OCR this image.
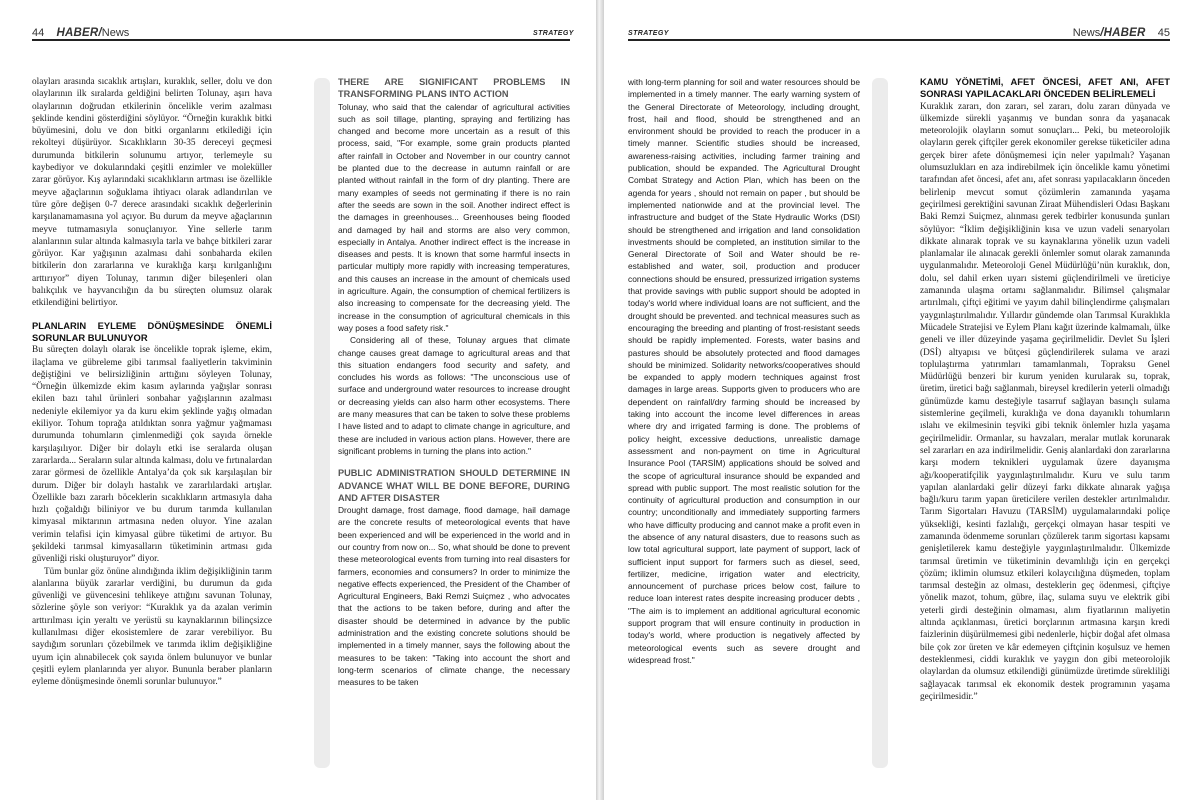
44 HABER/News	STRATEGY

olayları arasında sıcaklık artışları, kuraklık, seller, dolu ve don olaylarının ilk sıralarda geldiğini belirten Tolunay, aşırı hava olaylarının doğrudan etkilerinin öncelikle verim azalması şeklinde kendini gösterdiğini söylüyor. “Örneğin kuraklık bitki büyümesini, dolu ve don bitki organlarını etkilediği için rekolteyi düşürüyor. Sıcaklıkların 30-35 dereceyi geçmesi durumunda bitkilerin solunumu artıyor, terlemeyle su kaybediyor ve dokularındaki çeşitli enzimler ve moleküller zarar görüyor. Kış aylarındaki sıcaklıkların artması ise özellikle meyve ağaçlarının soğuklama ihtiyacı olarak adlandırılan ve türe göre değişen 0-7 derece arasındaki sıcaklık değerlerinin karşılanamamasına yol açıyor. Bu durum da meyve ağaçlarının meyve tutmamasıyla sonuçlanıyor. Yine sellerle tarım alanlarının sular altında kalmasıyla tarla ve bahçe bitkileri zarar görüyor. Kar yağışının azalması dahi sonbaharda ekilen bitkilerin don zararlarına ve kuraklığa karşı kırılganlığını arttırıyor” diyen Tolunay, tarımın diğer bileşenleri olan balıkçılık ve hayvancılığın da bu süreçten olumsuz olarak etkilendiğini belirtiyor.

PLANLARIN EYLEME DÖNÜŞMESİNDE ÖNEMLİ SORUNLAR BULUNUYOR

Bu süreçten dolaylı olarak ise öncelikle toprak işleme, ekim, ilaçlama ve gübreleme gibi tarımsal faaliyetlerin takviminin değiştiğini ve belirsizliğinin arttığını söyleyen Tolunay, “Örneğin ülkemizde ekim kasım aylarında yağışlar sonrası ekilen bazı tahıl ürünleri sonbahar yağışlarının azalması nedeniyle ekilemiyor ya da kuru ekim şeklinde yağış olmadan ekiliyor. Tohum toprağa atıldıktan sonra yağmur yağmaması durumunda tohumların çimlenmediği çok sayıda örnekle karşılaşılıyor. Diğer bir dolaylı etki ise seralarda oluşan zararlarda... Seraların sular altında kalması, dolu ve fırtınalardan zarar görmesi de özellikle Antalya’da çok sık karşılaşılan bir durum. Diğer bir dolaylı hastalık ve zararlılardaki artışlar. Özellikle bazı zararlı böceklerin sıcaklıkların artmasıyla daha hızlı çoğaldığı biliniyor ve bu durum tarımda kullanılan kimyasal miktarının artmasına neden oluyor. Yine azalan verimin telafisi için kimyasal gübre tüketimi de artıyor. Bu şekildeki tarımsal kimyasalların tüketiminin artması gıda güvenliği riski oluşturuyor” diyor.

Tüm bunlar göz önüne alındığında iklim değişikliğinin tarım alanlarına büyük zararlar verdiğini, bu durumun da gıda güvenliği ve güvencesini tehlikeye attığını savunan Tolunay, sözlerine şöyle son veriyor: “Kuraklık ya da azalan verimin arttırılması için yeraltı ve yerüstü su kaynaklarının bilinçsizce kullanılması diğer ekosistemlere de zarar verebiliyor. Bu saydığım sorunları çözebilmek ve tarımda iklim değişikliğine uyum için alınabilecek çok sayıda önlem bulunuyor ve bunlar çeşitli eylem planlarında yer alıyor. Bununla beraber planların eyleme dönüşmesinde önemli sorunlar bulunuyor.”

THERE ARE SIGNIFICANT PROBLEMS IN TRANSFORMING PLANS INTO ACTION

Tolunay, who said that the calendar of agricultural activities such as soil tillage, planting, spraying and fertilizing has changed and become more uncertain as a result of this process, said, "For example, some grain products planted after rainfall in October and November in our country cannot be planted due to the decrease in autumn rainfall or are planted without rainfall in the form of dry planting. There are many examples of seeds not germinating if there is no rain after the seeds are sown in the soil. Another indirect effect is the damages in greenhouses... Greenhouses being flooded and damaged by hail and storms are also very common, especially in Antalya. Another indirect effect is the increase in diseases and pests. It is known that some harmful insects in particular multiply more rapidly with increasing temperatures, and this causes an increase in the amount of chemicals used in agriculture. Again, the consumption of chemical fertilizers is also increasing to compensate for the decreasing yield. The increase in the consumption of agricultural chemicals in this way poses a food safety risk."

Considering all of these, Tolunay argues that climate change causes great damage to agricultural areas and that this situation endangers food security and safety, and concludes his words as follows: "The unconscious use of surface and underground water resources to increase drought or decreasing yields can also harm other ecosystems. There are many measures that can be taken to solve these problems I have listed and to adapt to climate change in agriculture, and these are included in various action plans. However, there are significant problems in turning the plans into action."

PUBLIC ADMINISTRATION SHOULD DETERMINE IN ADVANCE WHAT WILL BE DONE BEFORE, DURING AND AFTER DISASTER

Drought damage, frost damage, flood damage, hail damage are the concrete results of meteorological events that have been experienced and will be experienced in the world and in our country from now on... So, what should be done to prevent these meteorological events from turning into real disasters for farmers, economies and consumers? In order to minimize the negative effects experienced, the President of the Chamber of Agricultural Engineers, Baki Remzi Suiçmez , who advocates that the actions to be taken before, during and after the disaster should be determined in advance by the public administration and the existing concrete solutions should be implemented in a timely manner, says the following about the measures to be taken: "Taking into account the short and long-term scenarios of climate change, the necessary measures to be taken

STRATEGY	News/HABER 45

with long-term planning for soil and water resources should be implemented in a timely manner. The early warning system of the General Directorate of Meteorology, including drought, frost, hail and flood, should be strengthened and an environment should be provided to reach the producer in a timely manner. Scientific studies should be increased, awareness-raising activities, including farmer training and publication, should be expanded. The Agricultural Drought Combat Strategy and Action Plan, which has been on the agenda for years , should not remain on paper , but should be implemented nationwide and at the provincial level. The infrastructure and budget of the State Hydraulic Works (DSI) should be strengthened and irrigation and land consolidation investments should be completed, an institution similar to the General Directorate of Soil and Water should be re-established and water, soil, production and producer connections should be ensured, pressurized irrigation systems that provide savings with public support should be adopted in today's world where individual loans are not sufficient, and the drought should be prevented. and technical measures such as encouraging the breeding and planting of frost-resistant seeds should be rapidly implemented. Forests, water basins and pastures should be absolutely protected and flood damages should be minimized. Solidarity networks/cooperatives should be expanded to apply modern techniques against frost damages in large areas. Supports given to producers who are dependent on rainfall/dry farming should be increased by taking into account the income level differences in areas where dry and irrigated farming is done. The problems of policy height, excessive deductions, unrealistic damage assessment and non-payment on time in Agricultural Insurance Pool (TARSİM) applications should be solved and the scope of agricultural insurance should be expanded and spread with public support. The most realistic solution for the continuity of agricultural production and consumption in our country; unconditionally and immediately supporting farmers who have difficulty producing and cannot make a profit even in the absence of any natural disasters, due to reasons such as low total agricultural support, late payment of support, lack of sufficient input support for farmers such as diesel, seed, fertilizer, medicine, irrigation water and electricity, announcement of purchase prices below cost, failure to reduce loan interest rates despite increasing producer debts , "The aim is to implement an additional agricultural economic support program that will ensure continuity in production in today's world, where production is negatively affected by meteorological events such as severe drought and widespread frost."

KAMU YÖNETİMİ, AFET ÖNCESİ, AFET ANI, AFET SONRASI YAPILACAKLARI ÖNCEDEN BELİRLEMELİ

Kuraklık zararı, don zararı, sel zararı, dolu zararı dünyada ve ülkemizde sürekli yaşanmış ve bundan sonra da yaşanacak meteorolojik olayların somut sonuçları... Peki, bu meteorolojik olayların gerek çiftçiler gerek ekonomiler gerekse tüketiciler adına gerçek birer afete dönüşmemesi için neler yapılmalı? Yaşanan olumsuzlukları en aza indirebilmek için öncelikle kamu yönetimi tarafından afet öncesi, afet anı, afet sonrası yapılacakların önceden belirlenip mevcut somut çözümlerin zamanında yaşama geçirilmesi gerektiğini savunan Ziraat Mühendisleri Odası Başkanı Baki Remzi Suiçmez, alınması gerek tedbirler konusunda şunları söylüyor: “İklim değişikliğinin kısa ve uzun vadeli senaryoları dikkate alınarak toprak ve su kaynaklarına yönelik uzun vadeli planlamalar ile alınacak gerekli önlemler somut olarak zamanında uygulanmalıdır. Meteoroloji Genel Müdürlüğü’nün kuraklık, don, dolu, sel dahil erken uyarı sistemi güçlendirilmeli ve üreticiye zamanında ulaşma ortamı sağlanmalıdır. Bilimsel çalışmalar artırılmalı, çiftçi eğitimi ve yayım dahil bilinçlendirme çalışmaları yaygınlaştırılmalıdır. Yıllardır gündemde olan Tarımsal Kuraklıkla Mücadele Stratejisi ve Eylem Planı kağıt üzerinde kalmamalı, ülke geneli ve iller düzeyinde yaşama geçirilmelidir. Devlet Su İşleri (DSİ) altyapısı ve bütçesi güçlendirilerek sulama ve arazi toplulaştırma yatırımları tamamlanmalı, Topraksu Genel Müdürlüğü benzeri bir kurum yeniden kurularak su, toprak, üretim, üretici bağı sağlanmalı, bireysel kredilerin yeterli olmadığı günümüzde kamu desteğiyle tasarruf sağlayan basınçlı sulama sistemlerine geçilmeli, kuraklığa ve dona dayanıklı tohumların ıslahı ve ekilmesinin teşviki gibi teknik önlemler hızla yaşama geçirilmelidir. Ormanlar, su havzaları, meralar mutlak korunarak sel zararları en aza indirilmelidir. Geniş alanlardaki don zararlarına karşı modern teknikleri uygulamak üzere dayanışma ağı/kooperatifçilik yaygınlaştırılmalıdır. Kuru ve sulu tarım yapılan alanlardaki gelir düzeyi farkı dikkate alınarak yağışa bağlı/kuru tarım yapan üreticilere verilen destekler artırılmalıdır. Tarım Sigortaları Havuzu (TARSİM) uygulamalarındaki poliçe yüksekliği, kesinti fazlalığı, gerçekçi olmayan hasar tespiti ve zamanında ödenmeme sorunları çözülerek tarım sigortası kapsamı genişletilerek kamu desteğiyle yaygınlaştırılmalıdır. Ülkemizde tarımsal üretimin ve tüketiminin devamlılığı için en gerçekçi çözüm; iklimin olumsuz etkileri kolaycılığına düşmeden, toplam tarımsal desteğin az olması, desteklerin geç ödenmesi, çiftçiye yönelik mazot, tohum, gübre, ilaç, sulama suyu ve elektrik gibi yeterli girdi desteğinin olmaması, alım fiyatlarının maliyetin altında açıklanması, üretici borçlarının artmasına karşın kredi faizlerinin düşürülmemesi gibi nedenlerle, hiçbir doğal afet olmasa bile çok zor üreten ve kâr edemeyen çiftçinin koşulsuz ve hemen desteklenmesi, ciddi kuraklık ve yaygın don gibi meteorolojik olaylardan da olumsuz etkilendiği günümüzde üretimde sürekliliği sağlayacak tarımsal ek ekonomik destek programının yaşama geçirilmesidir.”
